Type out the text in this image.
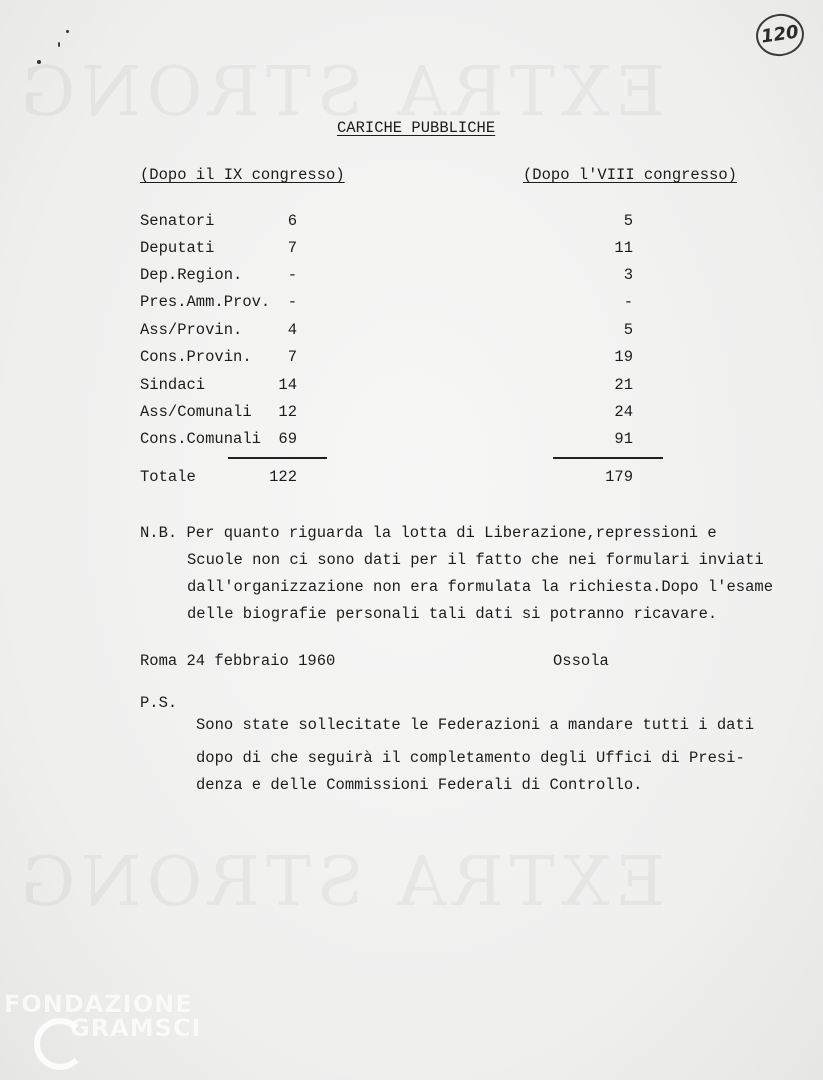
120
CARICHE PUBBLICHE
(Dopo il IX congresso)	(Dopo l'VIII congresso)
Senatori	6	5
Deputati	7	11
Dep.Region.	-	3
Pres.Amm.Prov.	-	-
Ass/Provin.	4	5
Cons.Provin.	7	19
Sindaci	14	21
Ass/Comunali	12	24
Cons.Comunali	69	91
Totale	122	179
N.B. Per quanto riguarda la lotta di Liberazione,repressioni e
Scuole non ci sono dati per il fatto che nei formulari inviati
dall'organizzazione non era formulata la richiesta.Dopo l'esame
delle biografie personali tali dati si potranno ricavare.
Roma 24 febbraio 1960	Ossola
P.S.
Sono state sollecitate le Federazioni a mandare tutti i dati
dopo di che seguirà il completamento degli Uffici di Presi-
denza e delle Commissioni Federali di Controllo.
FONDAZIONE
GRAMSCI
